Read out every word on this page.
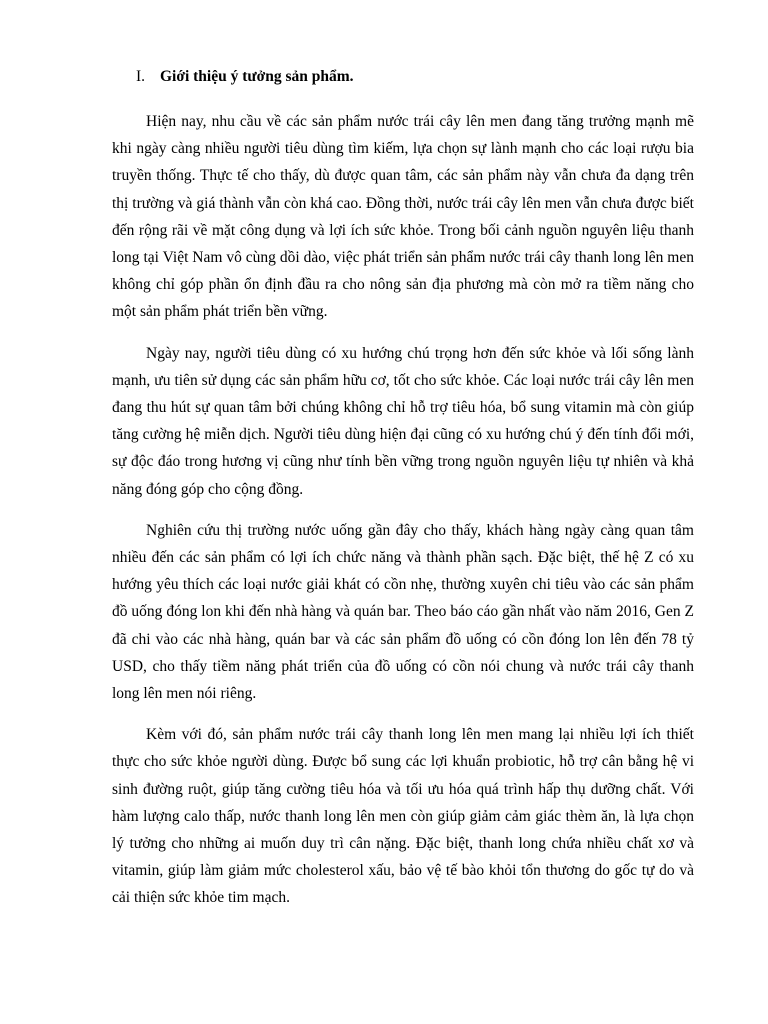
I. Giới thiệu ý tưởng sản phẩm.

Hiện nay, nhu cầu về các sản phẩm nước trái cây lên men đang tăng trưởng mạnh mẽ khi ngày càng nhiều người tiêu dùng tìm kiếm, lựa chọn sự lành mạnh cho các loại rượu bia truyền thống. Thực tế cho thấy, dù được quan tâm, các sản phẩm này vẫn chưa đa dạng trên thị trường và giá thành vẫn còn khá cao. Đồng thời, nước trái cây lên men vẫn chưa được biết đến rộng rãi về mặt công dụng và lợi ích sức khỏe. Trong bối cảnh nguồn nguyên liệu thanh long tại Việt Nam vô cùng dồi dào, việc phát triển sản phẩm nước trái cây thanh long lên men không chỉ góp phần ổn định đầu ra cho nông sản địa phương mà còn mở ra tiềm năng cho một sản phẩm phát triển bền vững.

Ngày nay, người tiêu dùng có xu hướng chú trọng hơn đến sức khỏe và lối sống lành mạnh, ưu tiên sử dụng các sản phẩm hữu cơ, tốt cho sức khỏe. Các loại nước trái cây lên men đang thu hút sự quan tâm bởi chúng không chỉ hỗ trợ tiêu hóa, bổ sung vitamin mà còn giúp tăng cường hệ miễn dịch. Người tiêu dùng hiện đại cũng có xu hướng chú ý đến tính đổi mới, sự độc đáo trong hương vị cũng như tính bền vững trong nguồn nguyên liệu tự nhiên và khả năng đóng góp cho cộng đồng.

Nghiên cứu thị trường nước uống gần đây cho thấy, khách hàng ngày càng quan tâm nhiều đến các sản phẩm có lợi ích chức năng và thành phần sạch. Đặc biệt, thế hệ Z có xu hướng yêu thích các loại nước giải khát có cồn nhẹ, thường xuyên chi tiêu vào các sản phẩm đồ uống đóng lon khi đến nhà hàng và quán bar. Theo báo cáo gần nhất vào năm 2016, Gen Z đã chi vào các nhà hàng, quán bar và các sản phẩm đồ uống có cồn đóng lon lên đến 78 tỷ USD, cho thấy tiềm năng phát triển của đồ uống có cồn nói chung và nước trái cây thanh long lên men nói riêng.

Kèm với đó, sản phẩm nước trái cây thanh long lên men mang lại nhiều lợi ích thiết thực cho sức khỏe người dùng. Được bổ sung các lợi khuẩn probiotic, hỗ trợ cân bằng hệ vi sinh đường ruột, giúp tăng cường tiêu hóa và tối ưu hóa quá trình hấp thụ dưỡng chất. Với hàm lượng calo thấp, nước thanh long lên men còn giúp giảm cảm giác thèm ăn, là lựa chọn lý tưởng cho những ai muốn duy trì cân nặng. Đặc biệt, thanh long chứa nhiều chất xơ và vitamin, giúp làm giảm mức cholesterol xấu, bảo vệ tế bào khỏi tổn thương do gốc tự do và cải thiện sức khỏe tim mạch.
